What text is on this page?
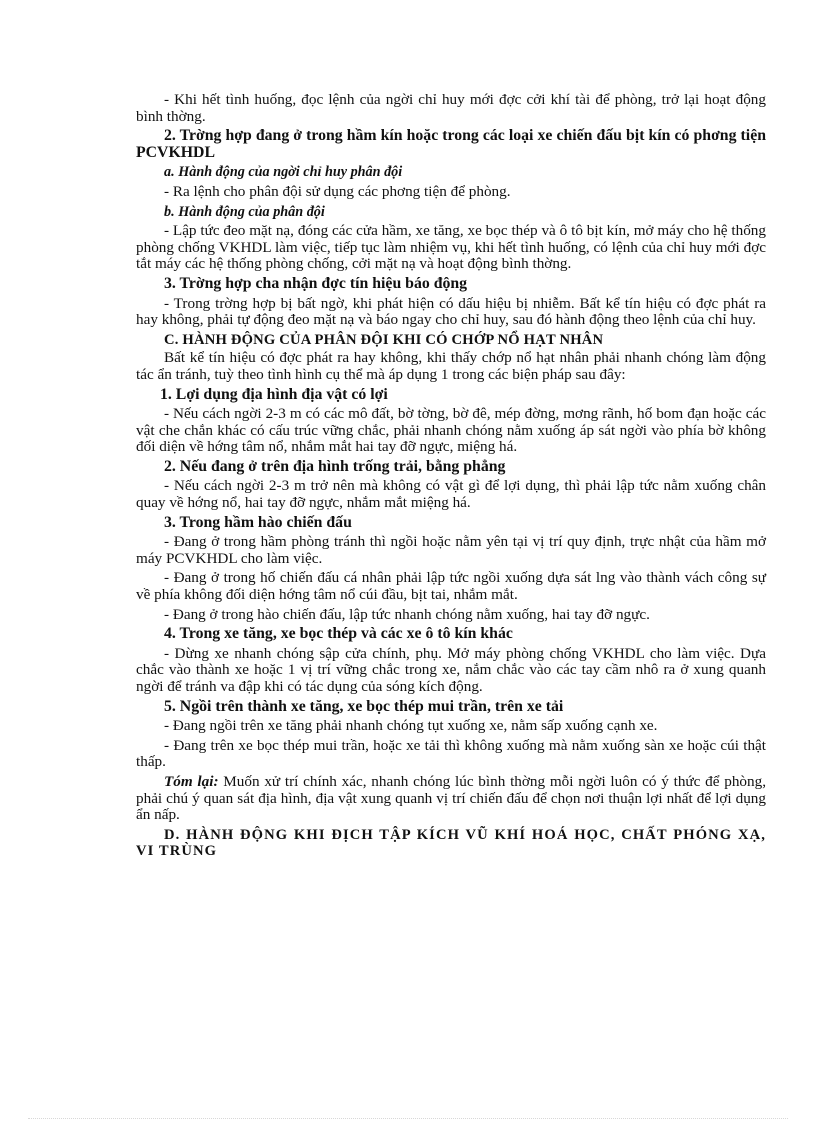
- Khi hết tình huống, đọc lệnh của ngời chỉ huy mới đợc cởi khí tài để phòng, trở lại hoạt động bình thờng.

2. Trờng hợp đang ở trong hầm kín hoặc trong các loại xe chiến đấu bịt kín có phơng tiện PCVKHDL

a. Hành động của ngời chỉ huy phân đội

- Ra lệnh cho phân đội sử dụng các phơng tiện để phòng.

b. Hành động của phân đội

- Lập tức đeo mặt nạ, đóng các cửa hầm, xe tăng, xe bọc thép và ô tô bịt kín, mở máy cho hệ thống phòng chống VKHDL làm việc, tiếp tục làm nhiệm vụ, khi hết tình huống, có lệnh của chỉ huy mới đợc tắt máy các hệ thống phòng chống, cởi mặt nạ và hoạt động bình thờng.

3. Trờng hợp cha nhận đợc tín hiệu báo động

- Trong trờng hợp bị bất ngờ, khi phát hiện có dấu hiệu bị nhiễm. Bất kể tín hiệu có đợc phát ra hay không, phải tự động đeo mặt nạ và báo ngay cho chỉ huy, sau đó hành động theo lệnh của chỉ huy.

C. HÀNH ĐỘNG CỦA PHÂN ĐỘI KHI CÓ CHỚP NỔ HẠT NHÂN

Bất kể tín hiệu có đợc phát ra hay không, khi thấy chớp nổ hạt nhân phải nhanh chóng làm động tác ẩn tránh, tuỳ theo tình hình cụ thể mà áp dụng 1 trong các biện pháp sau đây:

1. Lợi dụng địa hình địa vật có lợi

- Nếu cách ngời 2-3 m có các mô đất, bờ tờng, bờ đê, mép đờng, mơng rãnh, hố bom đạn hoặc các vật che chắn khác có cấu trúc vững chắc, phải nhanh chóng nằm xuống áp sát ngời vào phía bờ không đối diện về hớng tâm nổ, nhắm mắt hai tay đỡ ngực, miệng há.

2. Nếu đang ở trên địa hình trống trải, bằng phẳng

- Nếu cách ngời 2-3 m trở nên mà không có vật gì để lợi dụng, thì phải lập tức nằm xuống chân quay về hớng nổ, hai tay đỡ ngực, nhắm mắt miệng há.

3. Trong hầm hào chiến đấu

- Đang ở trong hầm phòng tránh thì ngồi hoặc nằm yên tại vị trí quy định, trực nhật của hầm mở máy PCVKHDL cho làm việc.

- Đang ở trong hố chiến đấu cá nhân phải lập tức ngồi xuống dựa sát lng vào thành vách công sự về phía không đối diện hớng tâm nổ cúi đầu, bịt tai, nhắm mắt.

- Đang ở trong hào chiến đấu, lập tức nhanh chóng nằm xuống, hai tay đỡ ngực.

4. Trong xe tăng, xe bọc thép và các xe ô tô kín khác

- Dừng xe nhanh chóng sập cửa chính, phụ. Mở máy phòng chống VKHDL cho làm việc. Dựa chắc vào thành xe hoặc 1 vị trí vững chắc trong xe, nắm chắc vào các tay cầm nhô ra ở xung quanh ngời để tránh va đập khi có tác dụng của sóng kích động.

5. Ngồi trên thành xe tăng, xe bọc thép mui trần, trên xe tải

- Đang ngồi trên xe tăng phải nhanh chóng tụt xuống xe, nằm sấp xuống cạnh xe.

- Đang trên xe bọc thép mui trần, hoặc xe tải thì không xuống mà nằm xuống sàn xe hoặc cúi thật thấp.

Tóm lại: Muốn xử trí chính xác, nhanh chóng lúc bình thờng mỗi ngời luôn có ý thức để phòng, phải chú ý quan sát địa hình, địa vật xung quanh vị trí chiến đấu để chọn nơi thuận lợi nhất để lợi dụng ẩn nấp.

D. HÀNH ĐỘNG KHI ĐỊCH TẬP KÍCH VŨ KHÍ HOÁ HỌC, CHẤT PHÓNG XẠ, VI TRÙNG
